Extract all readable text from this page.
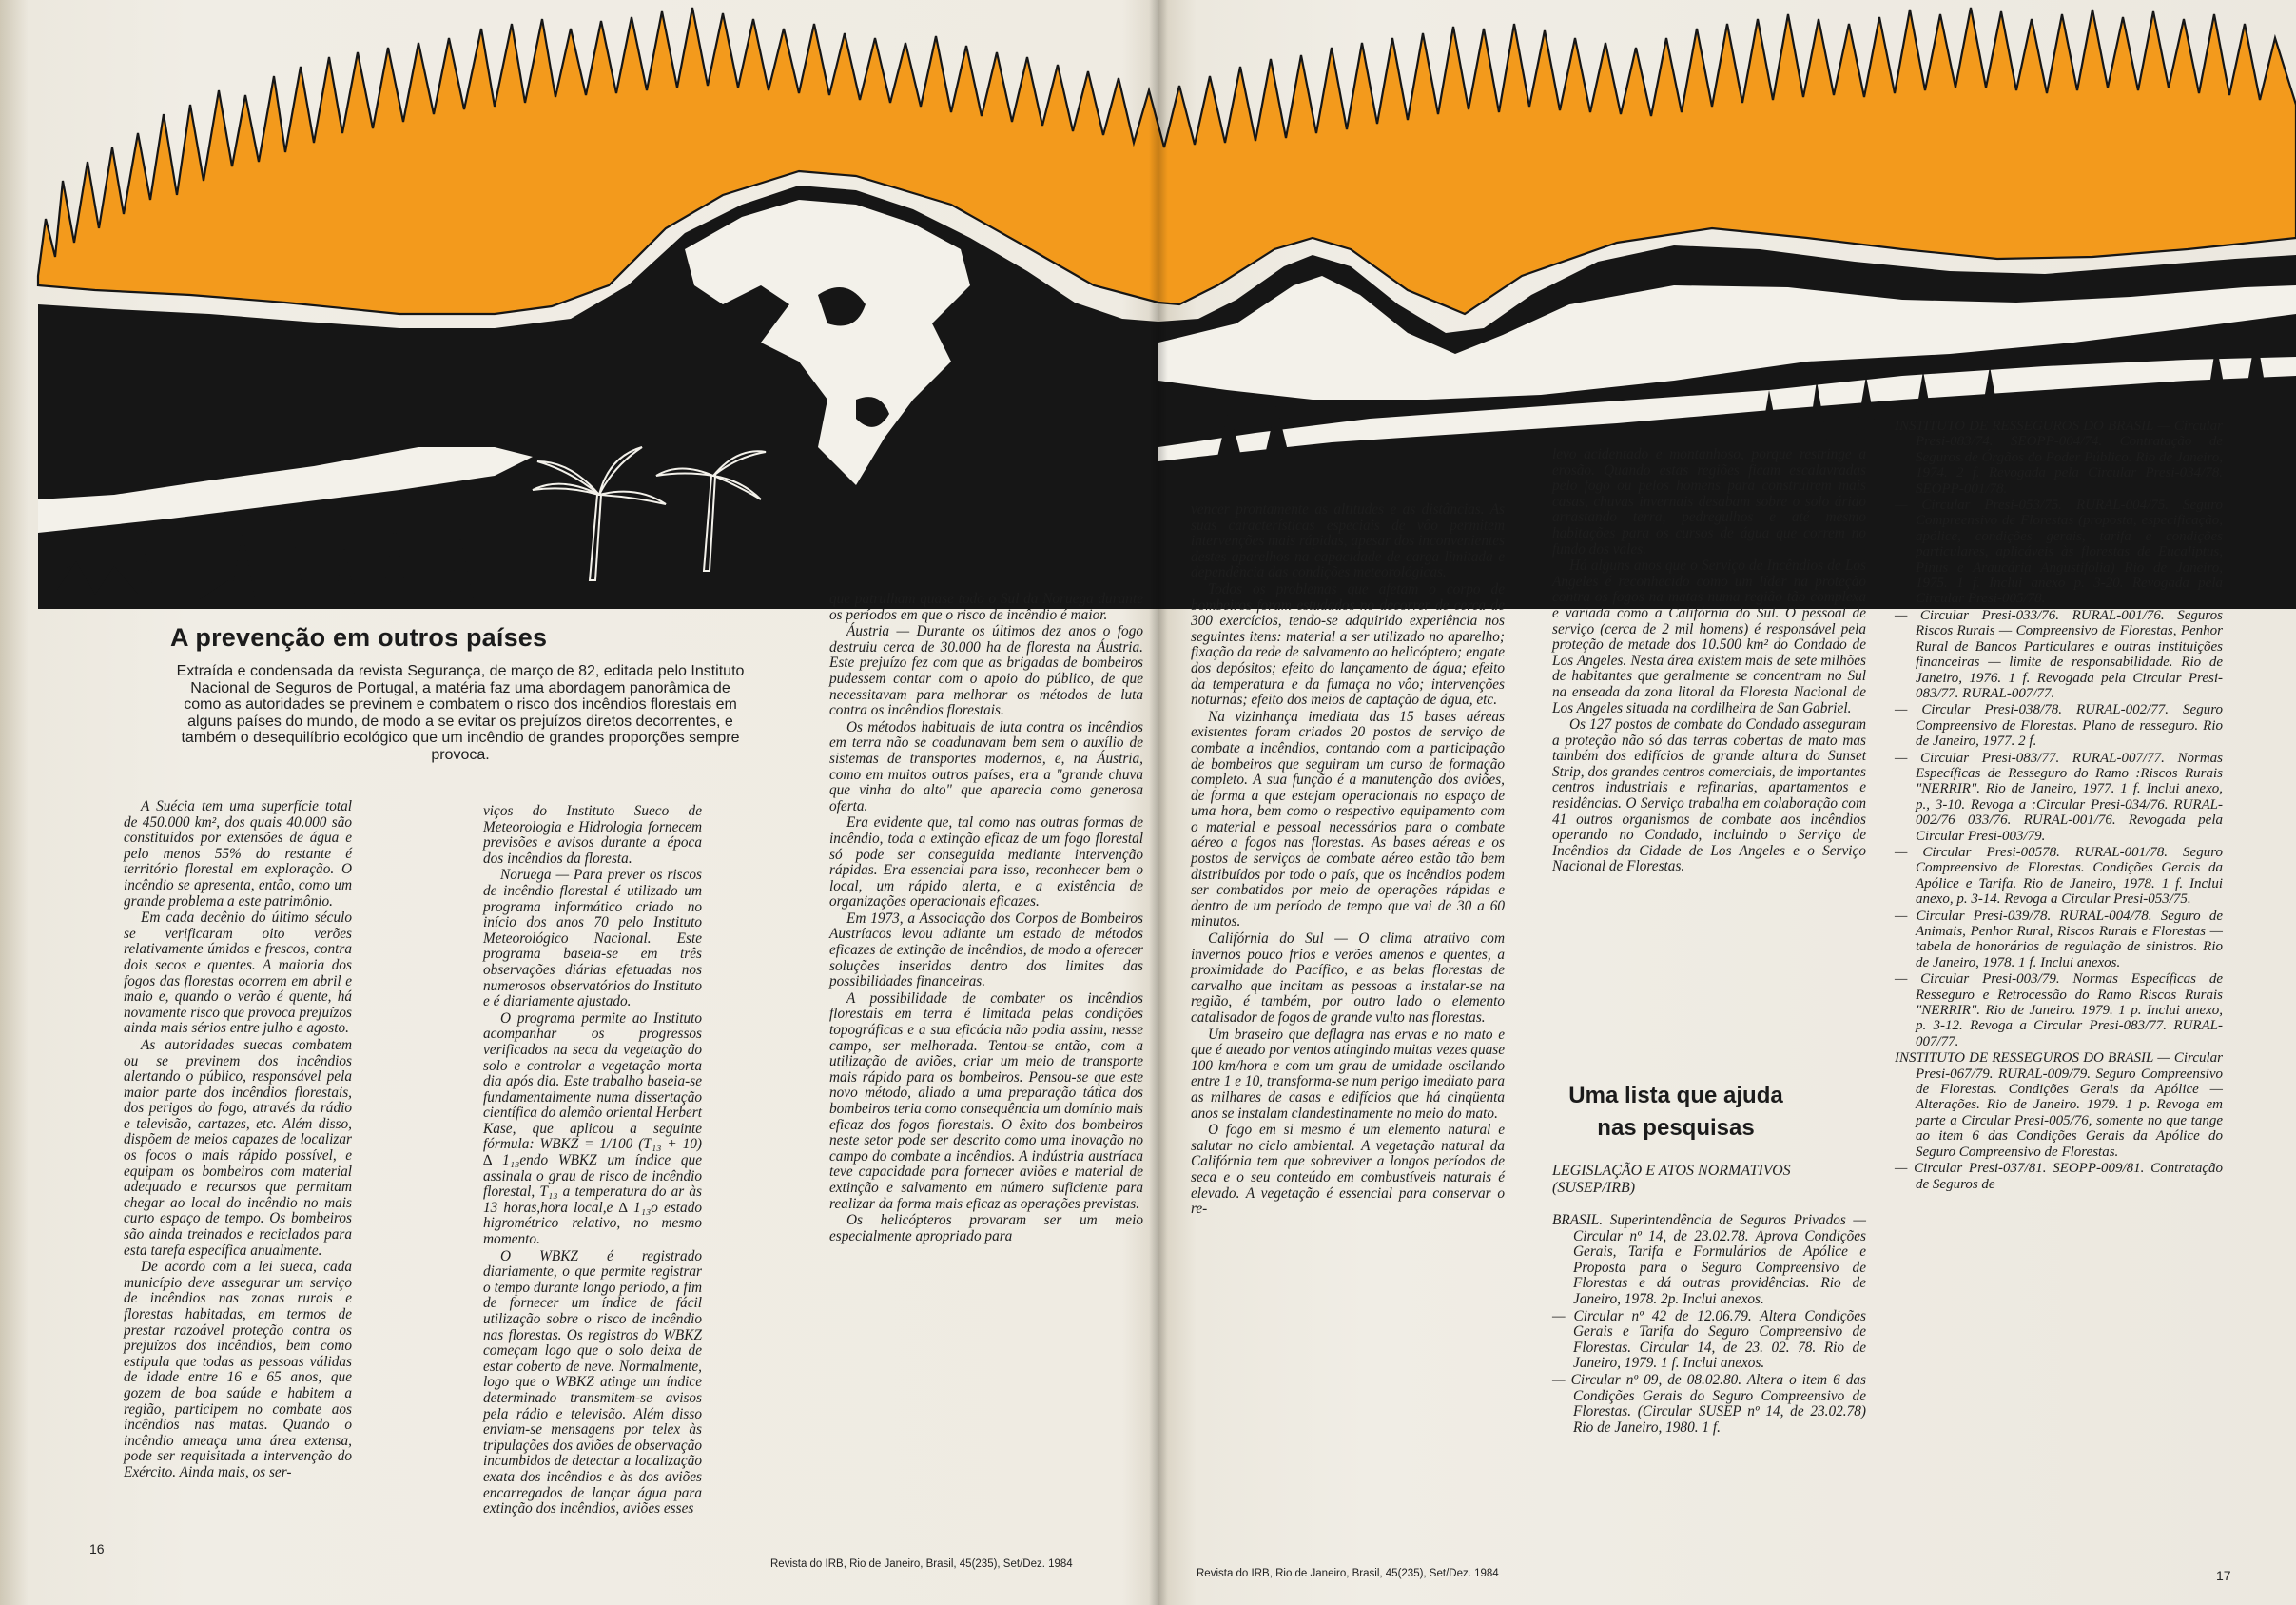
A prevenção em outros países
Extraída e condensada da revista Segurança, de março de 82, editada pelo Instituto Nacional de Seguros de Portugal, a matéria faz uma abordagem panorâmica de como as autoridades se previnem e combatem o risco dos incêndios florestais em alguns países do mundo, de modo a se evitar os prejuízos diretos decorrentes, e também o desequilíbrio ecológico que um incêndio de grandes proporções sempre provoca.

A Suécia tem uma superfície total de 450.000 km², dos quais 40.000 são constituídos por extensões de água e pelo menos 55% do restante é território florestal em exploração. O incêndio se apresenta, então, como um grande problema a este patrimônio.

Em cada decênio do último século se verificaram oito verões relativamente úmidos e frescos, contra dois secos e quentes. A maioria dos fogos das florestas ocorrem em abril e maio e, quando o verão é quente, há novamente risco que provoca prejuízos ainda mais sérios entre julho e agosto.

As autoridades suecas combatem ou se previnem dos incêndios alertando o público, responsável pela maior parte dos incêndios florestais, dos perigos do fogo, através da rádio e televisão, cartazes, etc. Além disso, dispõem de meios capazes de localizar os focos o mais rápido possível, e equipam os bombeiros com material adequado e recursos que permitam chegar ao local do incêndio no mais curto espaço de tempo. Os bombeiros são ainda treinados e reciclados para esta tarefa específica anualmente.

De acordo com a lei sueca, cada município deve assegurar um serviço de incêndios nas zonas rurais e florestas habitadas, em termos de prestar razoável proteção contra os prejuízos dos incêndios, bem como estipula que todas as pessoas válidas de idade entre 16 e 65 anos, que gozem de boa saúde e habitem a região, participem no combate aos incêndios nas matas. Quando o incêndio ameaça uma área extensa, pode ser requisitada a intervenção do Exército. Ainda mais, os ser-

viços do Instituto Sueco de Meteorologia e Hidrologia fornecem previsões e avisos durante a época dos incêndios da floresta.

Noruega — Para prever os riscos de incêndio florestal é utilizado um programa informático criado no início dos anos 70 pelo Instituto Meteorológico Nacional. Este programa baseia-se em três observações diárias efetuadas nos numerosos observatórios do Instituto e é diariamente ajustado.

O programa permite ao Instituto acompanhar os progressos verificados na seca da vegetação do solo e controlar a vegetação morta dia após dia. Este trabalho baseia-se fundamentalmente numa dissertação científica do alemão oriental Herbert Kase, que aplicou a seguinte fórmula: WBKZ = 1/100 (T₁₃ + 10) ∆ 1₁₃endo WBKZ um índice que assinala o grau de risco de incêndio florestal, T₁₃ a temperatura do ar às 13 horas,hora local,e ∆ 1₁₃o estado higrométrico relativo, no mesmo momento.

O WBKZ é registrado diariamente, o que permite registrar o tempo durante longo período, a fim de fornecer um índice de fácil utilização sobre o risco de incêndio nas florestas. Os registros do WBKZ começam logo que o solo deixa de estar coberto de neve. Normalmente, logo que o WBKZ atinge um índice determinado transmitem-se avisos pela rádio e televisão. Além disso enviam-se mensagens por telex às tripulações dos aviões de observação incumbidos de detectar a localização exata dos incêndios e às dos aviões encarregados de lançar água para extinção dos incêndios, aviões esses

que patrulham quase todo o Sul da Noruega durante os períodos em que o risco de incêndio é maior.

Áustria — Durante os últimos dez anos o fogo destruiu cerca de 30.000 ha de floresta na Áustria. Este prejuízo fez com que as brigadas de bombeiros pudessem contar com o apoio do público, de que necessitavam para melhorar os métodos de luta contra os incêndios florestais.

Os métodos habituais de luta contra os incêndios em terra não se coadunavam bem sem o auxílio de sistemas de transportes modernos, e, na Áustria, como em muitos outros países, era a "grande chuva que vinha do alto" que aparecia como generosa oferta.

Era evidente que, tal como nas outras formas de incêndio, toda a extinção eficaz de um fogo florestal só pode ser conseguida mediante intervenção rápidas. Era essencial para isso, reconhecer bem o local, um rápido alerta, e a existência de organizações operacionais eficazes.

Em 1973, a Associação dos Corpos de Bombeiros Austríacos levou adiante um estado de métodos eficazes de extinção de incêndios, de modo a oferecer soluções inseridas dentro dos limites das possibilidades financeiras.

A possibilidade de combater os incêndios florestais em terra é limitada pelas condições topográficas e a sua eficácia não podia assim, nesse campo, ser melhorada. Tentou-se então, com a utilização de aviões, criar um meio de transporte mais rápido para os bombeiros. Pensou-se que este novo método, aliado a uma preparação tática dos bombeiros teria como consequência um domínio mais eficaz dos fogos florestais. O êxito dos bombeiros neste setor pode ser descrito como uma inovação no campo do combate a incêndios. A indústria austríaca teve capacidade para fornecer aviões e material de extinção e salvamento em número suficiente para realizar da forma mais eficaz as operações previstas.

Os helicópteros provaram ser um meio especialmente apropriado para

vencer prontamente as altitudes e as distâncias. As suas características especiais de vôo permitem intervenções mais rápidas, apesar dos inconvenientes destes aparelhos na capacidade de carga limitada e dependência das condições meteorológicas.

Todos os problemas que afetam o corpo de bombeiros foram estudados no decorrer de cerca de 300 exercícios, tendo-se adquirido experiência nos seguintes itens: material a ser utilizado no aparelho; fixação da rede de salvamento ao helicóptero; engate dos depósitos; efeito do lançamento de água; efeito da temperatura e da fumaça no vôo; intervenções noturnas; efeito dos meios de captação de água, etc.

Na vizinhança imediata das 15 bases aéreas existentes foram criados 20 postos de serviço de combate a incêndios, contando com a participação de bombeiros que seguiram um curso de formação completo. A sua função é a manutenção dos aviões, de forma a que estejam operacionais no espaço de uma hora, bem como o respectivo equipamento com o material e pessoal necessários para o combate aéreo a fogos nas florestas. As bases aéreas e os postos de serviços de combate aéreo estão tão bem distribuídos por todo o país, que os incêndios podem ser combatidos por meio de operações rápidas e dentro de um período de tempo que vai de 30 a 60 minutos.

Califórnia do Sul — O clima atrativo com invernos pouco frios e verões amenos e quentes, a proximidade do Pacífico, e as belas florestas de carvalho que incitam as pessoas a instalar-se na região, é também, por outro lado o elemento catalisador de fogos de grande vulto nas florestas.

Um braseiro que deflagra nas ervas e no mato e que é ateado por ventos atingindo muitas vezes quase 100 km/hora e com um grau de umidade oscilando entre 1 e 10, transforma-se num perigo imediato para as milhares de casas e edifícios que há cinqüenta anos se instalam clandestinamente no meio do mato.

O fogo em si mesmo é um elemento natural e salutar no ciclo ambiental. A vegetação natural da Califórnia tem que sobreviver a longos períodos de seca e o seu conteúdo em combustíveis naturais é elevado. A vegetação é essencial para conservar o re-

levo acidentado e montanhoso, porque restringe a erosão. Quando estas regiões ficam escalavradas pelo fogo ou pelos homens para construírem mais casas, chuvas invernais desabam sobre o solo árido arrastando terra, pedregulhos e até mesmo habitações para os cursos de água que correm no fundo dos vales.

Há alguns anos que o Serviço de Incêndios de Los Angeles é reconhecido como um líder na proteção contra os fogos na matas numa região tão complexa e variada como a Califórnia do Sul. O pessoal de serviço (cerca de 2 mil homens) é responsável pela proteção de metade dos 10.500 km² do Condado de Los Angeles. Nesta área existem mais de sete milhões de habitantes que geralmente se concentram no Sul na enseada da zona litoral da Floresta Nacional de Los Angeles situada na cordilheira de San Gabriel.

Os 127 postos de combate do Condado asseguram a proteção não só das terras cobertas de mato mas também dos edifícios de grande altura do Sunset Strip, dos grandes centros comerciais, de importantes centros industriais e refinarias, apartamentos e residências. O Serviço trabalha em colaboração com 41 outros organismos de combate aos incêndios operando no Condado, incluindo o Serviço de Incêndios da Cidade de Los Angeles e o Serviço Nacional de Florestas.

Uma lista que ajuda nas pesquisas
LEGISLAÇÃO E ATOS NORMATIVOS (SUSEP/IRB)

BRASIL. Superintendência de Seguros Privados — Circular nº 14, de 23.02.78. Aprova Condições Gerais, Tarifa e Formulários de Apólice e Proposta para o Seguro Compreensivo de Florestas e dá outras providências. Rio de Janeiro, 1978. 2p. Inclui anexos.

— Circular nº 42 de 12.06.79. Altera Condições Gerais e Tarifa do Seguro Compreensivo de Florestas. Circular 14, de 23. 02. 78. Rio de Janeiro, 1979. 1 f. Inclui anexos.

— Circular nº 09, de 08.02.80. Altera o item 6 das Condições Gerais do Seguro Compreensivo de Florestas. (Circular SUSEP nº 14, de 23.02.78) Rio de Janeiro, 1980. 1 f.

INSTITUTO DE RESSEGUROS DO BRASIL — Circular Presi-083/74. SEOPP-004/74. Contratação de Seguros de Órgãos do Poder Público. Rio de Janeiro, 1974. 2 f. Revogada pela Circular Presi-034/78. SEOPP-001/78.

— Circular Presi-053/75. RURAL-004/75. Seguro Compreensivo de Florestas (proposta, especificação, apólice, condições gerais, tarifa e condições particulares, aplicáveis às florestas de Eucaliptus, Pinus e Araucária Angustifolia) Rio de Janeiro, 1975. 1 f. Inclui anexo p. 3-20. Revogada pela Circular Presi-005/78.

— Circular Presi-033/76. RURAL-001/76. Seguros Riscos Rurais — Compreensivo de Florestas, Penhor Rural de Bancos Particulares e outras instituições financeiras — limite de responsabilidade. Rio de Janeiro, 1976. 1 f. Revogada pela Circular Presi-083/77. RURAL-007/77.

— Circular Presi-038/78. RURAL-002/77. Seguro Compreensivo de Florestas. Plano de resseguro. Rio de Janeiro, 1977. 2 f.

— Circular Presi-083/77. RURAL-007/77. Normas Específicas de Resseguro do Ramo :Riscos Rurais "NERRIR". Rio de Janeiro, 1977. 1 f. Inclui anexo, p., 3-10. Revoga a :Circular Presi-034/76. RURAL-002/76 033/76. RURAL-001/76. Revogada pela Circular Presi-003/79.

— Circular Presi-00578. RURAL-001/78. Seguro Compreensivo de Florestas. Condições Gerais da Apólice e Tarifa. Rio de Janeiro, 1978. 1 f. Inclui anexo, p. 3-14. Revoga a Circular Presi-053/75.

— Circular Presi-039/78. RURAL-004/78. Seguro de Animais, Penhor Rural, Riscos Rurais e Florestas — tabela de honorários de regulação de sinistros. Rio de Janeiro, 1978. 1 f. Inclui anexos.

— Circular Presi-003/79. Normas Específicas de Resseguro e Retrocessão do Ramo Riscos Rurais "NERRIR". Rio de Janeiro. 1979. 1 p. Inclui anexo, p. 3-12. Revoga a Circular Presi-083/77. RURAL-007/77.

INSTITUTO DE RESSEGUROS DO BRASIL — Circular Presi-067/79. RURAL-009/79. Seguro Compreensivo de Florestas. Condições Gerais da Apólice — Alterações. Rio de Janeiro. 1979. 1 p. Revoga em parte a Circular Presi-005/76, somente no que tange ao item 6 das Condições Gerais da Apólice do Seguro Compreensivo de Florestas.

— Circular Presi-037/81. SEOPP-009/81. Contratação de Seguros de

16
Revista do IRB, Rio de Janeiro, Brasil, 45(235), Set/Dez. 1984
Revista do IRB, Rio de Janeiro, Brasil, 45(235), Set/Dez. 1984	17
